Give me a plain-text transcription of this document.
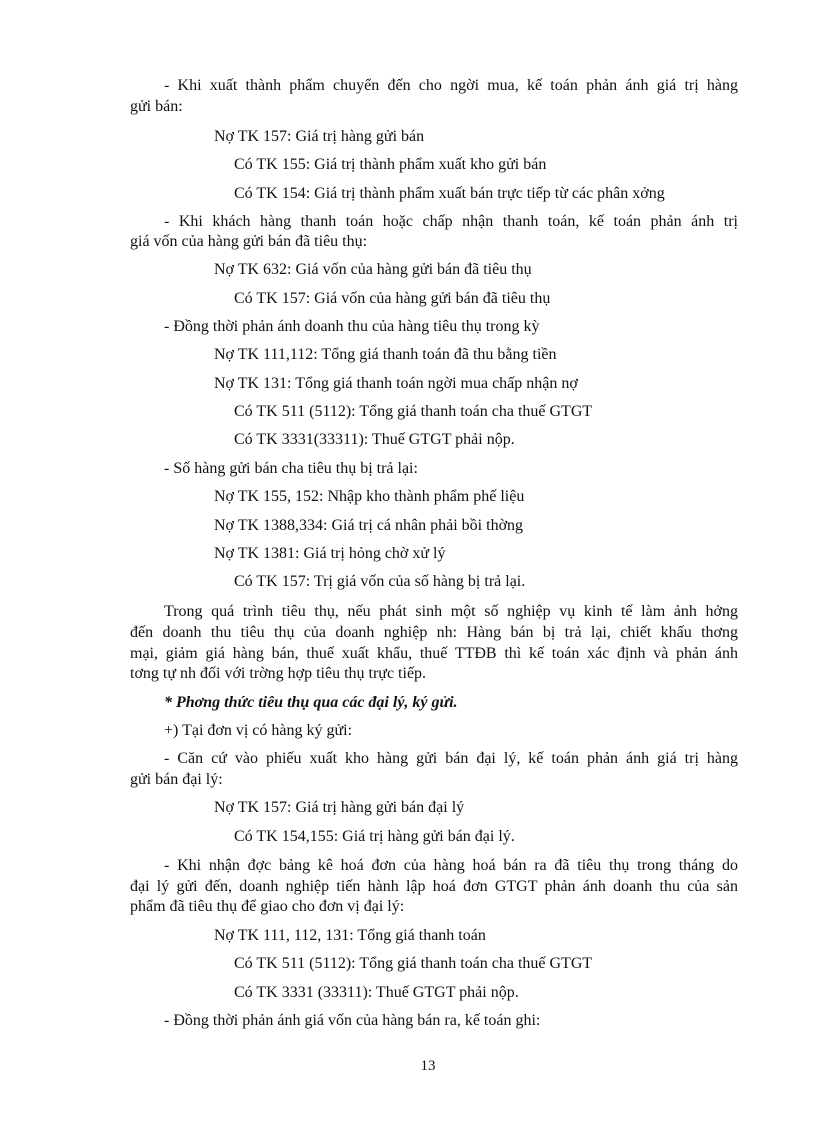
- Khi xuất thành phẩm chuyển đến cho ngời mua, kế toán phản ánh giá trị hàng

gửi bán:

Nợ TK 157: Giá trị hàng gửi bán

Có TK 155: Giá trị thành phẩm xuất kho gửi bán

Có TK 154: Giá trị thành phẩm xuất bán trực tiếp từ các phân xởng

- Khi khách hàng thanh toán hoặc chấp nhận thanh toán, kế toán phản ánh trị

giá vốn của hàng gửi bán đã tiêu thụ:

Nợ TK 632: Giá vốn của hàng gửi bán đã tiêu thụ

Có TK 157: Giá vốn của hàng gửi bán đã tiêu thụ

- Đồng thời phản ánh doanh thu của hàng tiêu thụ trong kỳ

Nợ TK 111,112: Tổng giá thanh toán đã thu bằng tiền

Nợ TK 131: Tổng giá thanh toán ngời mua chấp nhận nợ

Có TK 511 (5112): Tổng giá thanh toán cha thuế GTGT

Có TK 3331(33311): Thuế GTGT phải nộp.

- Số hàng gửi bán cha tiêu thụ bị trả lại:

Nợ TK 155, 152: Nhập kho thành phẩm phế liệu

Nợ TK 1388,334: Giá trị cá nhân phải bồi thờng

Nợ TK 1381: Giá trị hỏng chờ xử lý

Có TK 157: Trị giá vốn của số hàng bị trả lại.

Trong quá trình tiêu thụ, nếu phát sinh một số nghiệp vụ kinh tế làm ảnh hởng

đến doanh thu tiêu thụ của doanh nghiệp nh: Hàng bán bị trả lại, chiết khấu thơng

mại, giảm giá hàng bán, thuế xuất khẩu, thuế TTĐB thì kế toán xác định và phản ánh

tơng tự nh đối với trờng hợp tiêu thụ trực tiếp.

* Phơng thức tiêu thụ qua các đại lý, ký gửi.

+) Tại đơn vị có hàng ký gửi:

- Căn cứ vào phiếu xuất kho hàng gửi bán đại lý, kế toán phản ánh giá trị hàng

gửi bán đại lý:

Nợ TK 157: Giá trị hàng gửi bán đại lý

Có TK 154,155: Giá trị hàng gửi bán đại lý.

- Khi nhận đợc bảng kê hoá đơn của hàng hoá bán ra đã tiêu thụ trong tháng do

đại lý gửi đến, doanh nghiệp tiến hành lập hoá đơn GTGT phản ánh doanh thu của sản

phẩm đã tiêu thụ để giao cho đơn vị đại lý:

Nợ TK 111, 112, 131: Tổng giá thanh toán

Có TK 511 (5112): Tổng giá thanh toán cha thuế GTGT

Có TK 3331 (33311): Thuế GTGT phải nộp.

- Đồng thời phản ánh giá vốn của hàng bán ra, kế toán ghi:

13
